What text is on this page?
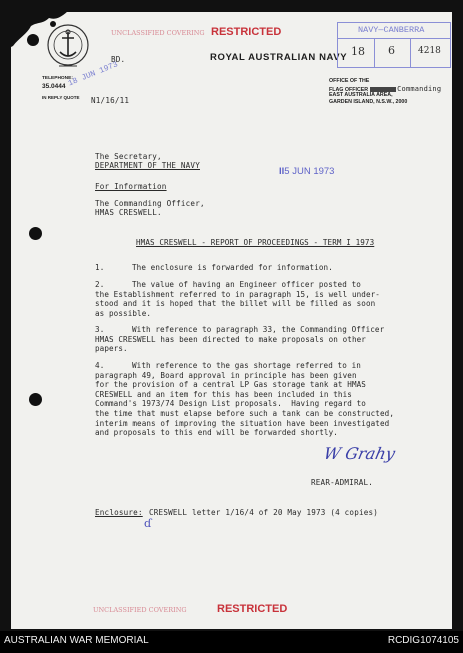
UNCLASSIFIED COVERING RESTRICTED
ROYAL AUSTRALIAN NAVY
NAVY—CANBERRA
18 6	4218
TELEPHONE:
35.0444
IN REPLY QUOTE N1/16/11
BD.
18 JUN 1973	OFFICE OF THE
FLAG OFFICER	Commanding
EAST AUSTRALIA AREA,
GARDEN ISLAND, N.S.W., 2000
The Secretary,
DEPARTMENT OF THE NAVY
II5 JUN 1973
For Information
The Commanding Officer,
HMAS CRESWELL.
HMAS CRESWELL - REPORT OF PROCEEDINGS - TERM I 1973
1.	The enclosure is forwarded for information.
2.	The value of having an Engineer officer posted to
the Establishment referred to in paragraph 15, is well under-
stood and it is hoped that the billet will be filled as soon
as possible.
3.	With reference to paragraph 33, the Commanding Officer
HMAS CRESWELL has been directed to make proposals on other
papers.
4.	With reference to the gas shortage referred to in
paragraph 49, Board approval in principle has been given
for the provision of a central LP Gas storage tank at HMAS
CRESWELL and an item for this has been included in this
Command's 1973/74 Design List proposals.  Having regard to
the time that must elapse before such a tank can be constructed,
interim means of improving the situation have been investigated
and proposals to this end will be forwarded shortly.
W Grahy
REAR-ADMIRAL.
Enclosure: CRESWELL letter 1/16/4 of 20 May 1973 (4 copies)
ɗ
UNCLASSIFIED COVERING	RESTRICTED
AUSTRALIAN WAR MEMORIAL	RCDIG1074105
